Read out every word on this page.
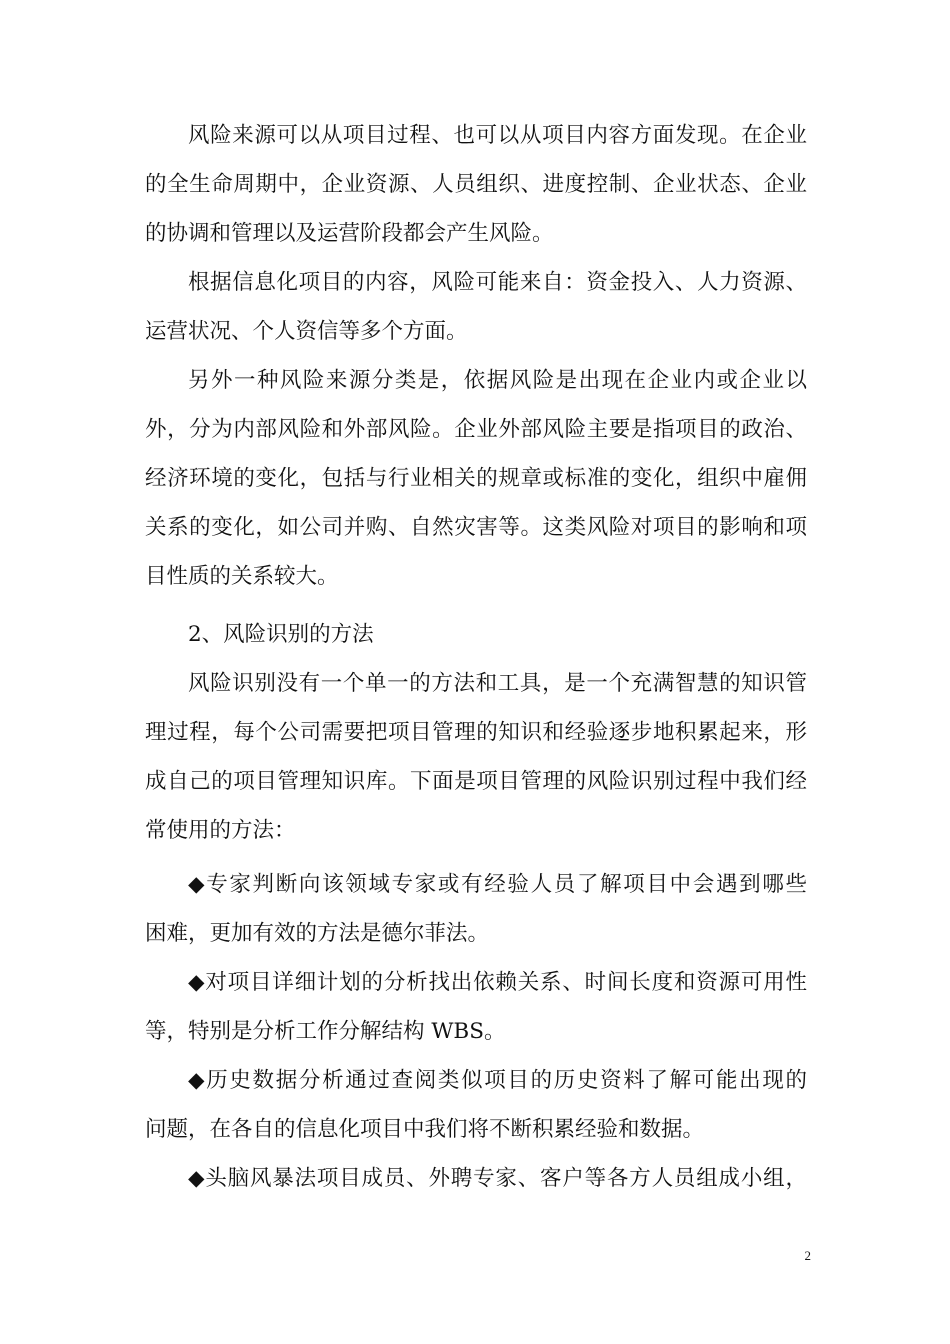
风险来源可以从项目过程、也可以从项目内容方面发现。在企业
的全生命周期中，企业资源、人员组织、进度控制、企业状态、企业
的协调和管理以及运营阶段都会产生风险。
根据信息化项目的内容，风险可能来自：资金投入、人力资源、
运营状况、个人资信等多个方面。
另外一种风险来源分类是，依据风险是出现在企业内或企业以
外，分为内部风险和外部风险。企业外部风险主要是指项目的政治、
经济环境的变化，包括与行业相关的规章或标准的变化，组织中雇佣
关系的变化，如公司并购、自然灾害等。这类风险对项目的影响和项
目性质的关系较大。
2、风险识别的方法
风险识别没有一个单一的方法和工具，是一个充满智慧的知识管
理过程，每个公司需要把项目管理的知识和经验逐步地积累起来，形
成自己的项目管理知识库。下面是项目管理的风险识别过程中我们经
常使用的方法：
◆专家判断向该领域专家或有经验人员了解项目中会遇到哪些
困难，更加有效的方法是德尔菲法。
◆对项目详细计划的分析找出依赖关系、时间长度和资源可用性
等，特别是分析工作分解结构 WBS。
◆历史数据分析通过查阅类似项目的历史资料了解可能出现的
问题，在各自的信息化项目中我们将不断积累经验和数据。
◆头脑风暴法项目成员、外聘专家、客户等各方人员组成小组，
2
